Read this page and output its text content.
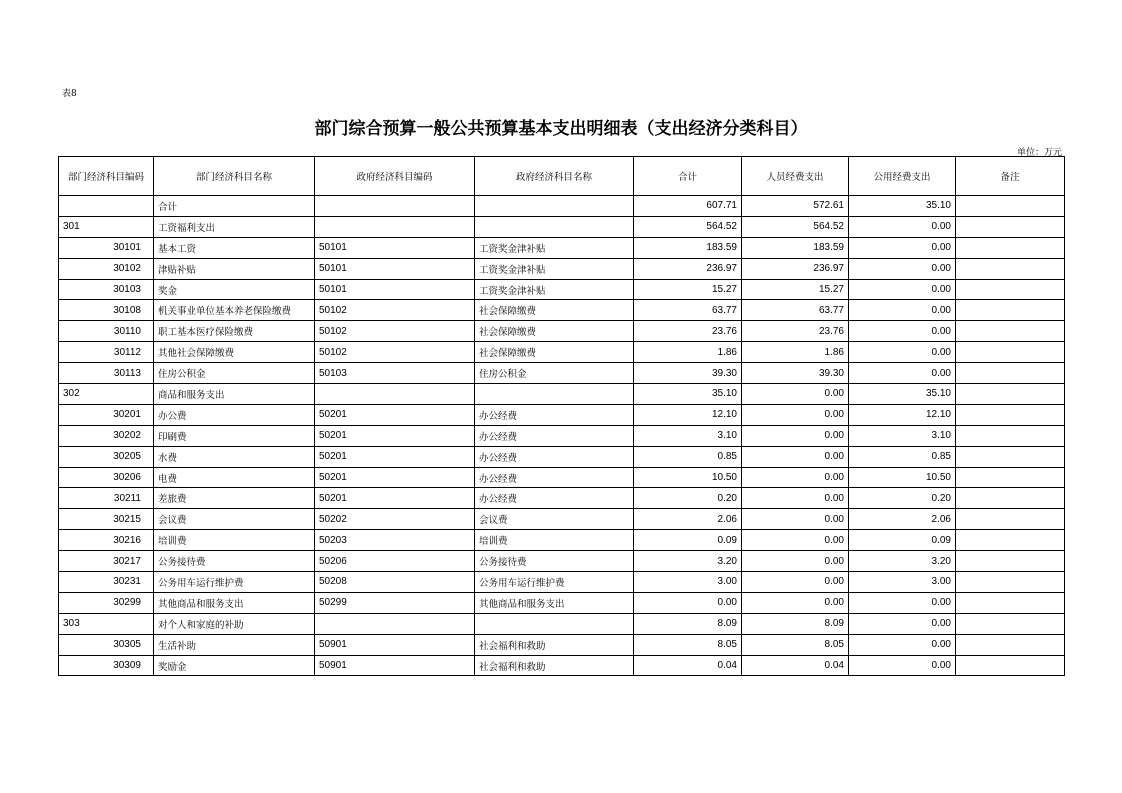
表8
部门综合预算一般公共预算基本支出明细表（支出经济分类科目）
单位：万元
部门经济科目编码	部门经济科目名称	政府经济科目编码	政府经济科目名称	合计	人员经费支出	公用经费支出	备注
	合计			607.71	572.61	35.10	
301	工资福利支出			564.52	564.52	0.00	
30101	基本工资	50101	工资奖金津补贴	183.59	183.59	0.00	
30102	津贴补贴	50101	工资奖金津补贴	236.97	236.97	0.00	
30103	奖金	50101	工资奖金津补贴	15.27	15.27	0.00	
30108	机关事业单位基本养老保险缴费	50102	社会保障缴费	63.77	63.77	0.00	
30110	职工基本医疗保险缴费	50102	社会保障缴费	23.76	23.76	0.00	
30112	其他社会保障缴费	50102	社会保障缴费	1.86	1.86	0.00	
30113	住房公积金	50103	住房公积金	39.30	39.30	0.00	
302	商品和服务支出			35.10	0.00	35.10	
30201	办公费	50201	办公经费	12.10	0.00	12.10	
30202	印刷费	50201	办公经费	3.10	0.00	3.10	
30205	水费	50201	办公经费	0.85	0.00	0.85	
30206	电费	50201	办公经费	10.50	0.00	10.50	
30211	差旅费	50201	办公经费	0.20	0.00	0.20	
30215	会议费	50202	会议费	2.06	0.00	2.06	
30216	培训费	50203	培训费	0.09	0.00	0.09	
30217	公务接待费	50206	公务接待费	3.20	0.00	3.20	
30231	公务用车运行维护费	50208	公务用车运行维护费	3.00	0.00	3.00	
30299	其他商品和服务支出	50299	其他商品和服务支出	0.00	0.00	0.00	
303	对个人和家庭的补助			8.09	8.09	0.00	
30305	生活补助	50901	社会福利和救助	8.05	8.05	0.00	
30309	奖励金	50901	社会福利和救助	0.04	0.04	0.00	
